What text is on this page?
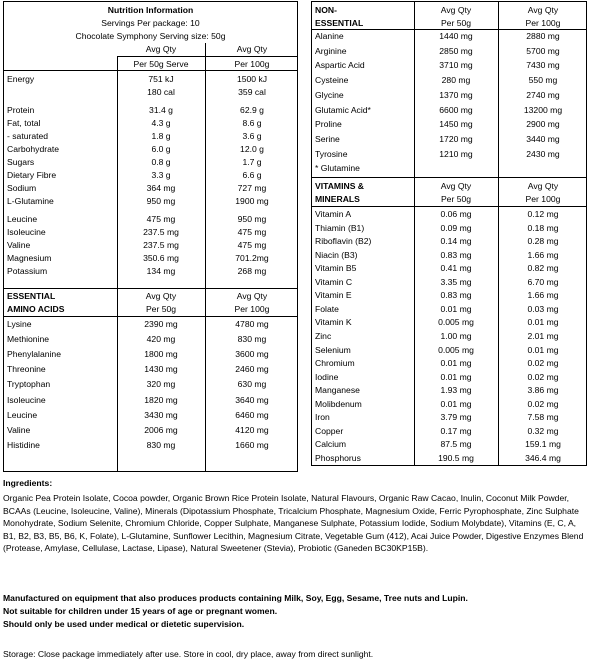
Nutrition Information
Servings Per package: 10
Chocolate Symphony Serving size: 50g
Avg Qty	Avg Qty
Per 50g Serve	Per 100g
Energy	751 kJ	1500 kJ
180 cal	359 cal
Protein	31.4 g	62.9 g
Fat, total	4.3 g	8.6 g
- saturated	1.8 g	3.6 g
Carbohydrate	6.0 g	12.0 g
Sugars	0.8 g	1.7 g
Dietary Fibre	3.3 g	6.6 g
Sodium	364 mg	727 mg
L-Glutamine	950 mg	1900 mg
Leucine	475 mg	950 mg
Isoleucine	237.5 mg	475 mg
Valine	237.5 mg	475 mg
Magnesium	350.6 mg	701.2mg
Potassium	134 mg	268 mg
ESSENTIAL
AMINO ACIDS
Avg Qty	Avg Qty
Per 50g	Per 100g
Lysine	2390 mg	4780 mg
Methionine	420 mg	830 mg
Phenylalanine	1800 mg	3600 mg
Threonine	1430 mg	2460 mg
Tryptophan	320 mg	630 mg
Isoleucine	1820 mg	3640 mg
Leucine	3430 mg	6460 mg
Valine	2006 mg	4120 mg
Histidine	830 mg	1660 mg
NON-
ESSENTIAL
Avg Qty	Avg Qty
Per 50g	Per 100g
Alanine	1440 mg	2880 mg
Arginine	2850 mg	5700 mg
Aspartic Acid	3710 mg	7430 mg
Cysteine	280 mg	550 mg
Glycine	1370 mg	2740 mg
Glutamic Acid*	6600 mg	13200 mg
Proline	1450 mg	2900 mg
Serine	1720 mg	3440 mg
Tyrosine	1210 mg	2430 mg
* Glutamine
VITAMINS &
MINERALS
Avg Qty	Avg Qty
Per 50g	Per 100g
Vitamin A	0.06 mg	0.12 mg
Thiamin (B1)	0.09 mg	0.18 mg
Riboflavin (B2)	0.14 mg	0.28 mg
Niacin (B3)	0.83 mg	1.66 mg
Vitamin B5	0.41 mg	0.82 mg
Vitamin C	3.35 mg	6.70 mg
Vitamin E	0.83 mg	1.66 mg
Folate	0.01 mg	0.03 mg
Vitamin K	0.005 mg	0.01 mg
Zinc	1.00 mg	2.01 mg
Selenium	0.005 mg	0.01 mg
Chromium	0.01 mg	0.02 mg
Iodine	0.01 mg	0.02 mg
Manganese	1.93 mg	3.86 mg
Molibdenum	0.01 mg	0.02 mg
Iron	3.79 mg	7.58 mg
Copper	0.17 mg	0.32 mg
Calcium	87.5 mg	159.1 mg
Phosphorus	190.5 mg	346.4 mg
Ingredients:
Organic Pea Protein Isolate, Cocoa powder, Organic Brown Rice Protein Isolate, Natural Flavours, Organic Raw Cacao, Inulin, Coconut Milk Powder, BCAAs (Leucine, Isoleucine, Valine), Minerals (Dipotassium Phosphate, Tricalcium Phosphate, Magnesium Oxide, Ferric Pyrophosphate, Zinc Sulphate Monohydrate, Sodium Selenite, Chromium Chloride, Copper Sulphate, Manganese Sulphate, Potassium Iodide, Sodium Molybdate), Vitamins (E, C, A, B1, B2, B3, B5, B6, K, Folate), L-Glutamine, Sunflower Lecithin, Magnesium Citrate, Vegetable Gum (412), Acai Juice Powder, Digestive Enzymes Blend (Protease, Amylase, Cellulase, Lactase, Lipase), Natural Sweetener (Stevia), Probiotic (Ganeden BC30KP15B).
Manufactured on equipment that also produces products containing Milk, Soy, Egg, Sesame, Tree nuts and Lupin.
Not suitable for children under 15 years of age or pregnant women.
Should only be used under medical or dietetic supervision.
Storage: Close package immediately after use. Store in cool, dry place, away from direct sunlight.
